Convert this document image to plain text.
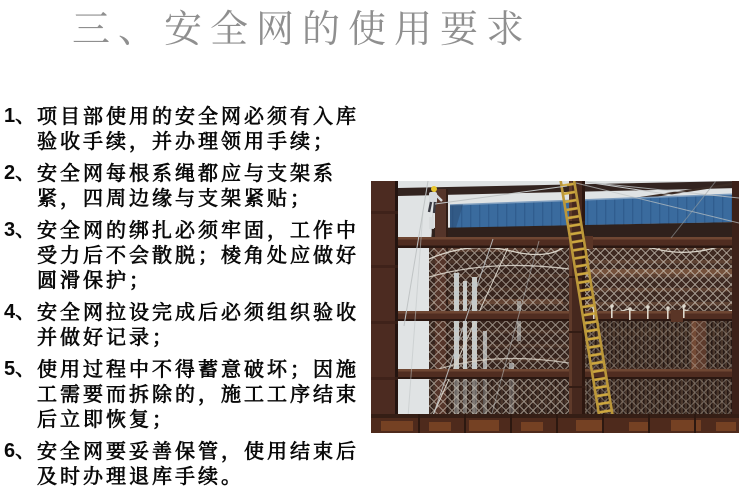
三、安全网的使用要求
1、 项目部使用的安全网必须有入库验收手续，并办理领用手续；
2、 安全网每根系绳都应与支架系紧，四周边缘与支架紧贴；
3、 安全网的绑扎必须牢固，工作中受力后不会散脱；棱角处应做好圆滑保护；
4、 安全网拉设完成后必须组织验收并做好记录；
5、 使用过程中不得蓄意破坏；因施工需要而拆除的，施工工序结束后立即恢复；
6、 安全网要妥善保管，使用结束后及时办理退库手续。
